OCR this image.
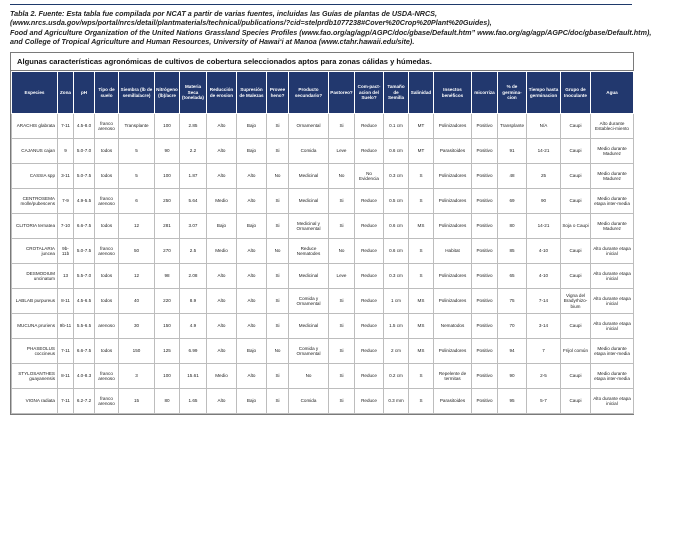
Tabla 2. Fuente: Esta tabla fue compilada por NCAT a partir de varias fuentes, incluidas las Guías de plantas de USDA-NRCS,
(www.nrcs.usda.gov/wps/portal/nrcs/detail/plantmaterials/technical/publications/?cid=stelprdb1077238#Cover%20Crop%20Plant%20Guides),
Food and Agriculture Organization of the United Nations Grassland Species Profiles (www.fao.org/ag/agp/AGPC/doc/gbase/Default.htm” www.fao.org/ag/agp/AGPC/doc/gbase/Default.htm),
and College of Tropical Agriculture and Human Resources, University of Hawai‘i at Manoa (www.ctahr.hawaii.edu/site).
Algunas características agronómicas de cultivos de cobertura seleccionados aptos para zonas cálidas y húmedas.
Especies	Zona	pH	Tipo de suelo	Siembra (lb de semilla/acre)	Nitrógeno (lb)/acre	Materia Seca (tonelada)	Reducción de erosion	Supresión de Malezas	Provee heno?	Producto secundario?	Pastoreo?	Com-pact-acion del Suelo?	Tamaño de Semilla	Salinidad	Insectos benéficos	micorriza	% de germina-cion	Tiempo hasta germinacion	Grupo de Inoculante	Agua
ARACHIS glabrata	7-11	4.5-8.0	franco arenoso	Transplante	100	2.85	Alto	Bajo	Si	Ornamental	Si	Reduce	0.1 cm	MT	Polinizadores	Positivo	Transplante	N/A	Caupi	Alto durante Estableci-miento
CAJANUS cajan	9	5.0-7.0	todos	5	90	2.2	Alto	Bajo	Si	Comida	Leve	Reduce	0.6 cm	MT	Parasitoides	Positivo	91	14-21	Caupi	Medio durante Madurez
CASSIA spp	3-11	5.0-7.5	todos	5	100	1.87	Alto	Alto	No	Medicinal	No	No Evidencia	0.3 cm	S	Polinizadores	Positivo	48	25	Caupi	Medio durante Madurez
CENTROSEMA molle/pubescens	7-9	4.9-5.5	franco arenoso	6	250	5.64	Medio	Alto	Si	Medicinal	Si	Reduce	0.5 cm	S	Polinizadores	Positivo	69	90	Caupi	Medio durante etapa inter-media
CLITORIA ternatea	7-10	6.6-7.5	todos	12	281	3.07	Bajo	Bajo	Si	Medicinal y Ornamental	Si	Reduce	0.6 cm	MS	Polinizadores	Positivo	80	14-21	Soja o Caupi	Medio durante Madurez
CROTALARIA juncea	9b-11b	5.0-7.5	franco arenoso	50	270	2.5	Medio	Alto	No	Reduce Nematodes	No	Reduce	0.6 cm	S	Habitat	Positivo	85	4-10	Caupi	Alto durante etapa inicial
DESMODIUM uncinatum	13	5.5-7.0	todos	12	98	2.08	Alto	Alto	Si	Medicinal	Leve	Reduce	0.3 cm	S	Polinizadores	Positivo	65	4-10	Caupi	Alto durante etapa inicial
LABLAB purpureus	8-11	4.5-6.5	todos	40	220	8.9	Alto	Alto	Si	Comida y Ornamental	Si	Reduce	1 cm	MS	Polinizadores	Positivo	75	7-14	Vigna del Bradyrhizo-bium	Alto durante etapa inicial
MUCUNA pruriens	9b-11	5.5-6.5	arenoso	30	150	4.9	Alto	Alto	Si	Medicinal	Si	Reduce	1.5 cm	MS	Nematodos	Positivo	70	3-14	Caupi	Alto durante etapa inicial
PHASEOLUS coccineus	7-11	6.6-7.5	todos	150	125	6.99	Alto	Bajo	No	Comida y Ornamental	Si	Reduce	2 cm	MS	Polinizadores	Positivo	94	7	Frijol común	Medio durante etapa inter-media
STYLOSANTHES guayanensis	8-11	4.0-8.3	franco arenoso	3	100	15.61	Medio	Alto	Si	No	Si	Reduce	0.2 cm	S	Repelente de termitas	Positivo	90	2-5	Caupi	Medio durante etapa inter-media
VIGNA radiata	7-11	6.2-7.2	franco arenoso	15	80	1.65	Alto	Bajo	Si	Comida	Si	Reduce	0.3 mm	S	Parasitoides	Positivo	95	5-7	Caupi	Alto durante etapa inicial
